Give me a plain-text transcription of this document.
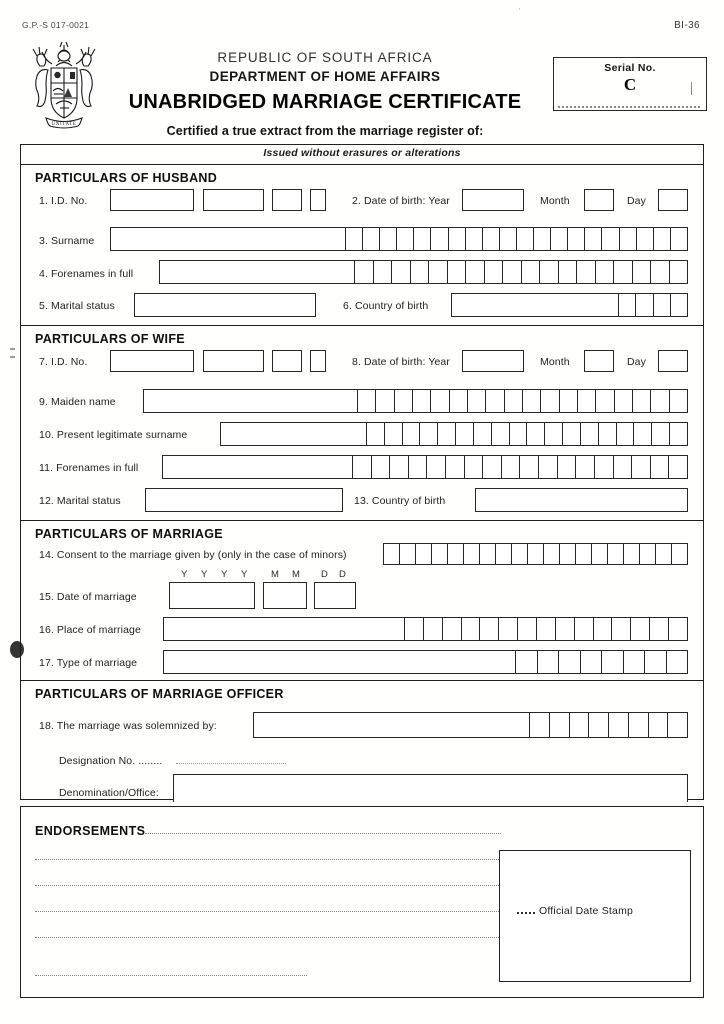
G.P.-S 017-0021	BI-36
'
UNITATE
REPUBLIC OF SOUTH AFRICA
DEPARTMENT OF HOME AFFAIRS
UNABRIDGED MARRIAGE CERTIFICATE
Certified a true extract from the marriage register of:
Serial No.
C
Issued without erasures or alterations
PARTICULARS OF HUSBAND
1. I.D. No.	2. Date of birth: Year	Month	Day
3. Surname
4. Forenames in full
5. Marital status	6. Country of birth
PARTICULARS OF WIFE
7. I.D. No.	8. Date of birth: Year	Month	Day
9. Maiden name
10. Present legitimate surname
11. Forenames in full
12. Marital status	13. Country of birth
PARTICULARS OF MARRIAGE
14. Consent to the marriage given by (only in the case of minors)
Y Y Y Y M M D D
15. Date of marriage
16. Place of marriage
17. Type of marriage
PARTICULARS OF MARRIAGE OFFICER
18. The marriage was solemnized by:
Designation No. ........
Denomination/Office:
ENDORSEMENTS
Official Date Stamp
